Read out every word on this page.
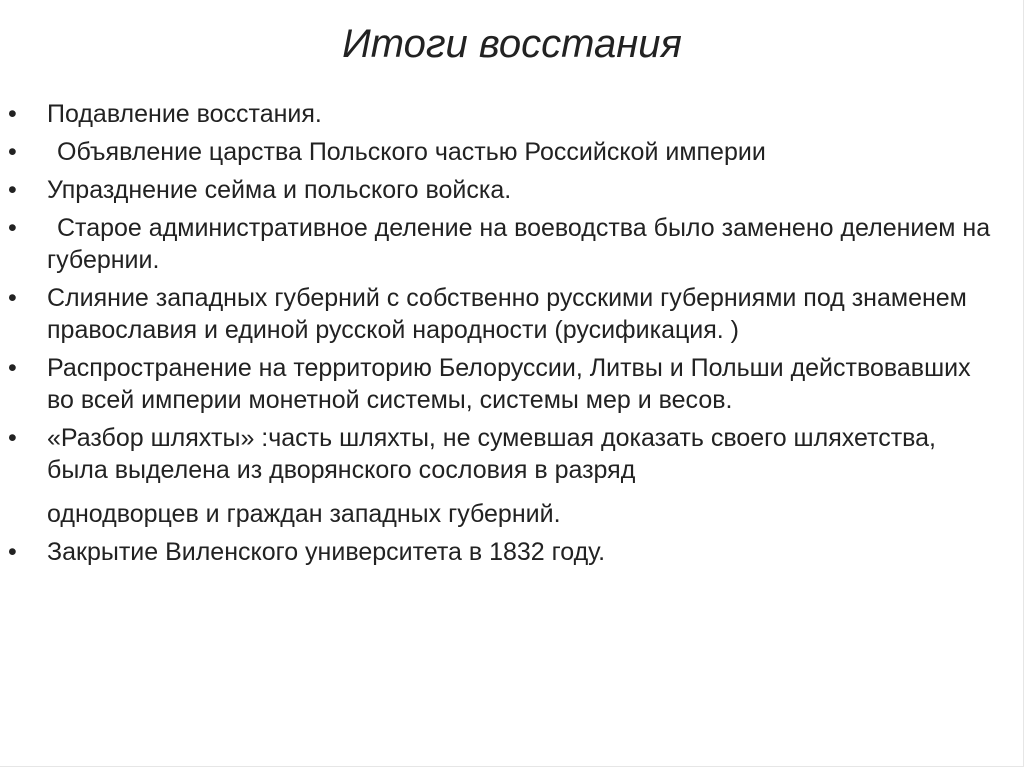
Итоги восстания
• Подавление восстания.
• Объявление царства Польского частью Российской империи
• Упразднение сейма и польского войска.
• Старое административное деление на воеводства было заменено делением на губернии.
• Слияние западных губерний с собственно русскими губерниями под знаменем православия и единой русской народности (русификация. )
• Распространение на территорию Белоруссии, Литвы и Польши действовавших во всей империи монетной системы, системы мер и весов.
• «Разбор шляхты» :часть шляхты, не сумевшая доказать своего шляхетства, была выделена из дворянского сословия в разряд
однодворцев и граждан западных губерний.
• Закрытие Виленского университета в 1832 году.
